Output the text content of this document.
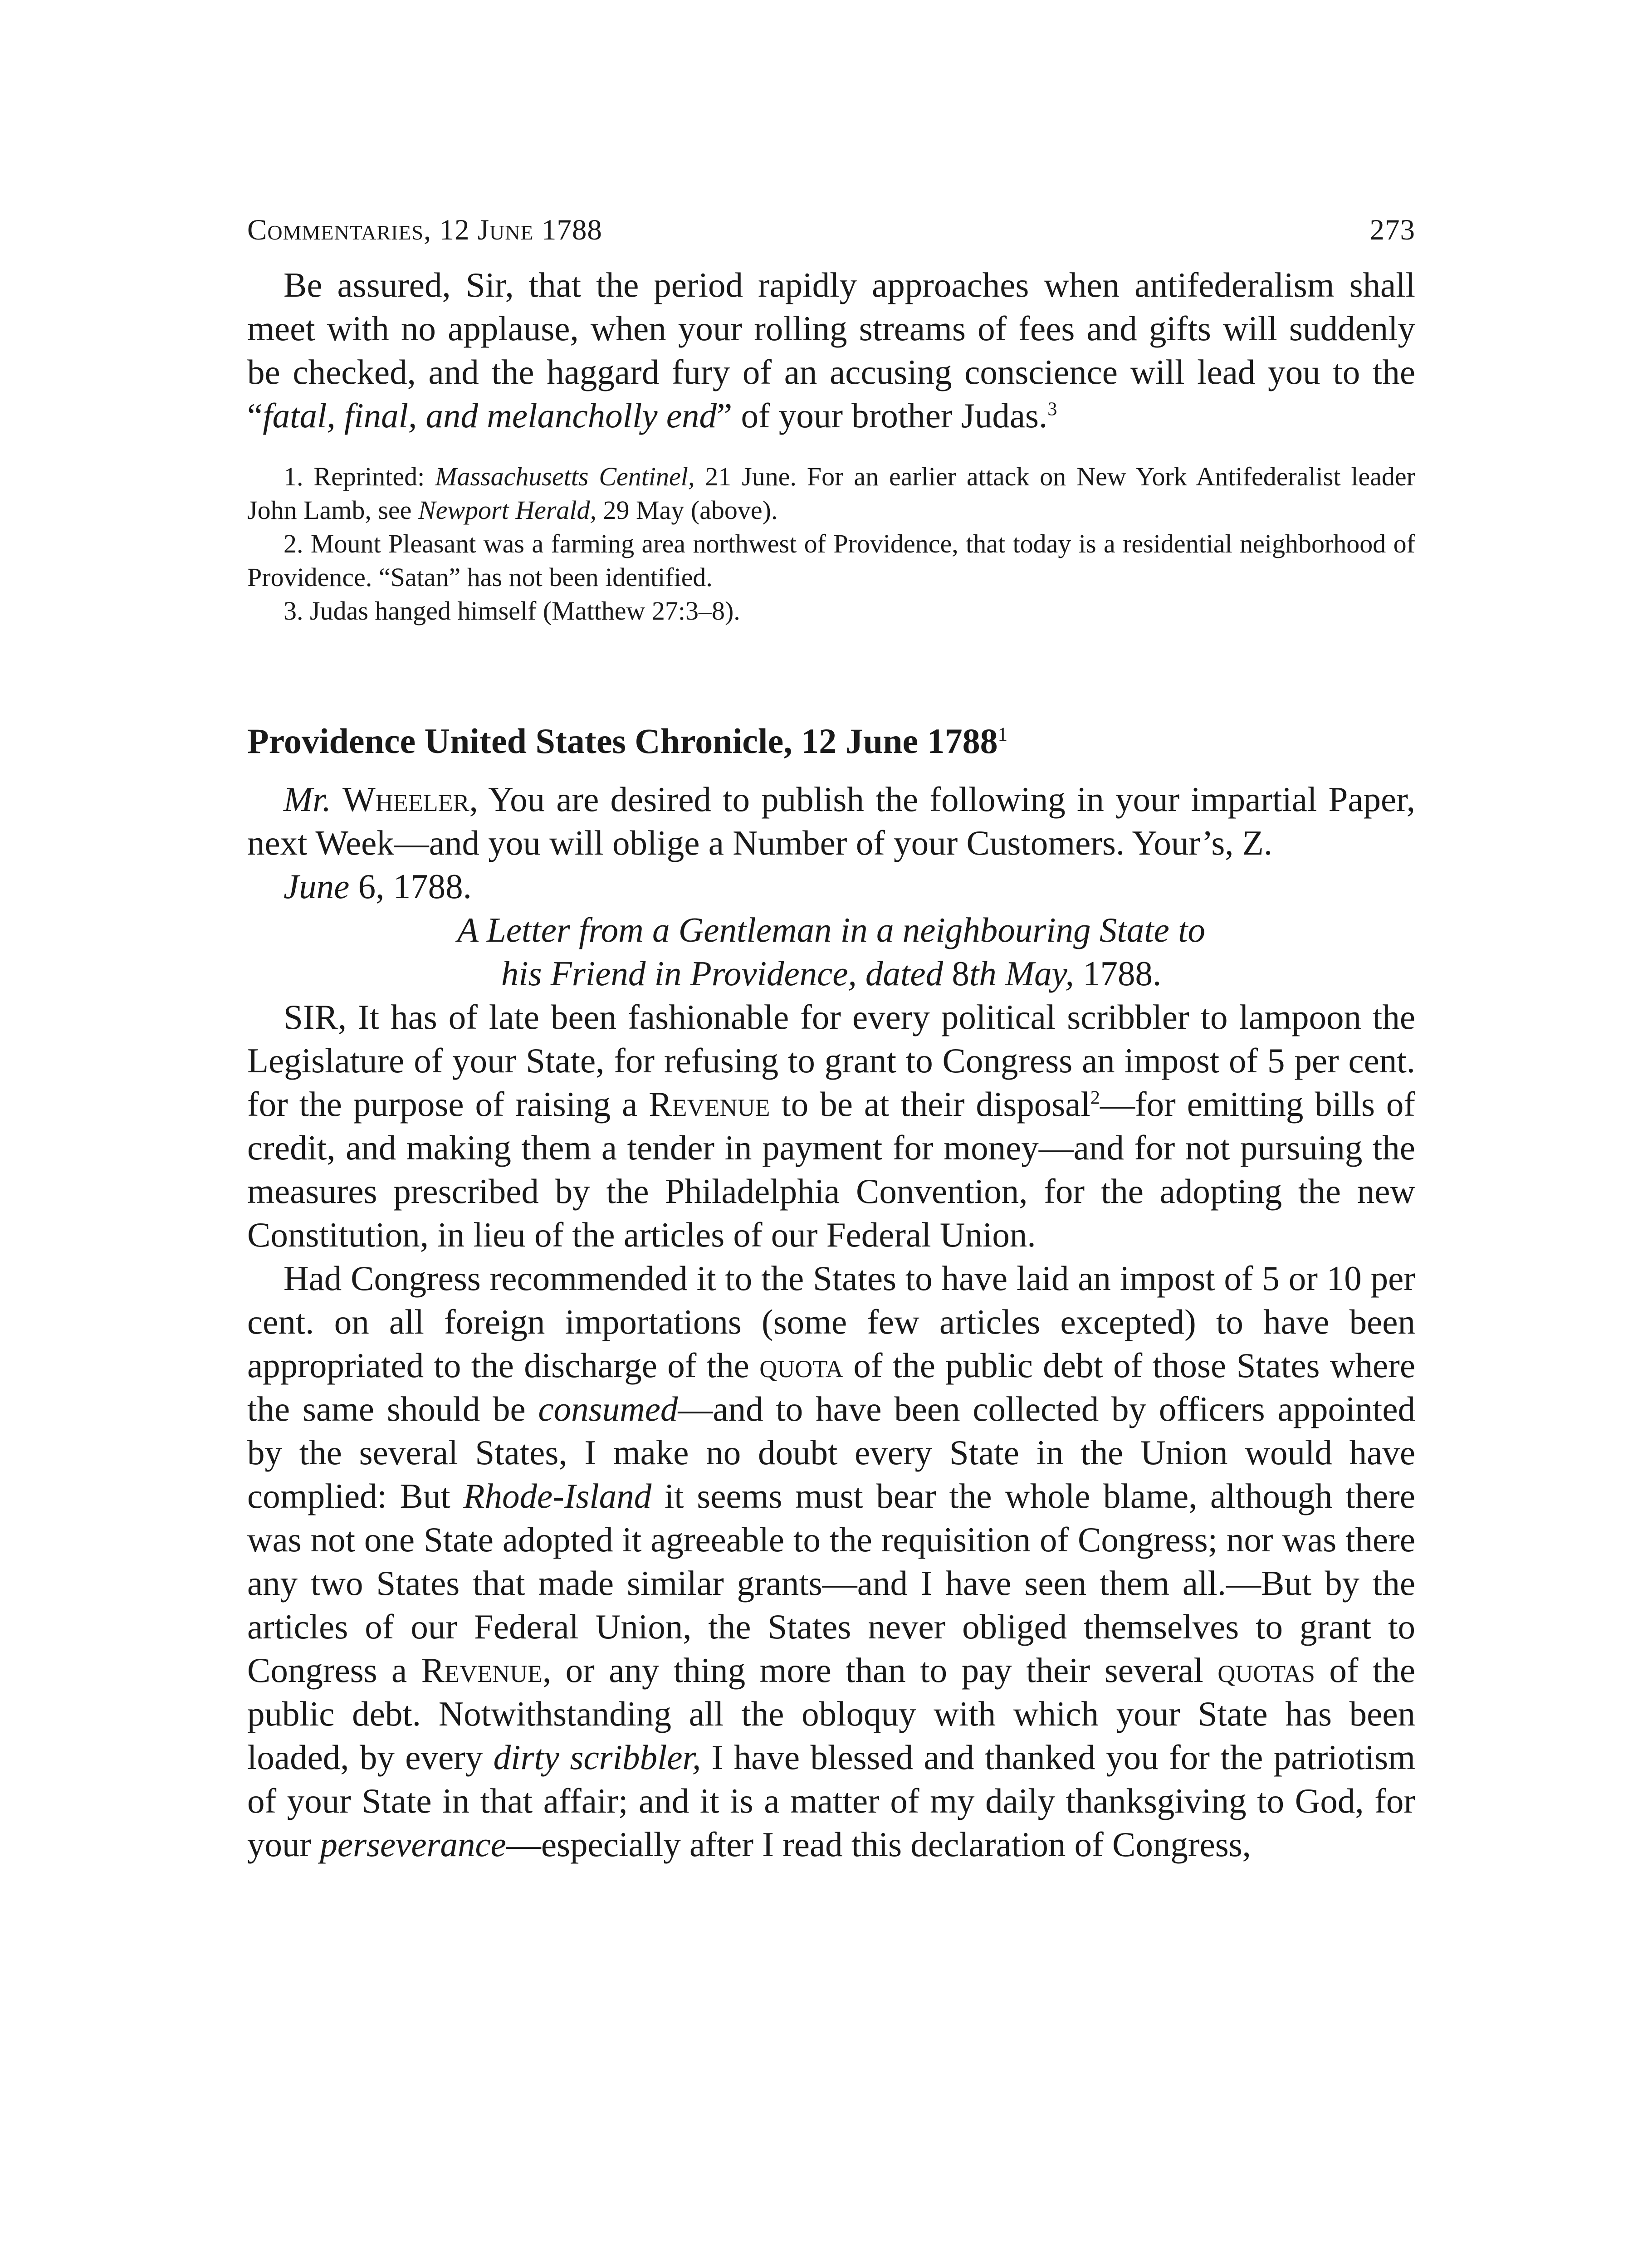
Commentaries, 12 June 1788	273

Be assured, Sir, that the period rapidly approaches when antifederalism shall meet with no applause, when your rolling streams of fees and gifts will suddenly be checked, and the haggard fury of an accusing conscience will lead you to the “fatal, final, and melancholly end” of your brother Judas.$^3$

1. Reprinted: Massachusetts Centinel, 21 June. For an earlier attack on New York Antifederalist leader John Lamb, see Newport Herald, 29 May (above).

2. Mount Pleasant was a farming area northwest of Providence, that today is a residential neighborhood of Providence. “Satan” has not been identified.

3. Judas hanged himself (Matthew 27:3–8).

Providence United States Chronicle, 12 June 1788$^1$

Mr. Wheeler, You are desired to publish the following in your impartial Paper, next Week—and you will oblige a Number of your Customers. Your’s, Z.

June 6, 1788.

A Letter from a Gentleman in a neighbouring State to
his Friend in Providence, dated 8th May, 1788.

SIR, It has of late been fashionable for every political scribbler to lampoon the Legislature of your State, for refusing to grant to Congress an impost of 5 per cent. for the purpose of raising a Revenue to be at their disposal$^2$—for emitting bills of credit, and making them a tender in payment for money—and for not pursuing the measures prescribed by the Philadelphia Convention, for the adopting the new Constitution, in lieu of the articles of our Federal Union.

Had Congress recommended it to the States to have laid an impost of 5 or 10 per cent. on all foreign importations (some few articles excepted) to have been appropriated to the discharge of the quota of the public debt of those States where the same should be consumed—and to have been collected by officers appointed by the several States, I make no doubt every State in the Union would have complied: But Rhode-Island it seems must bear the whole blame, although there was not one State adopted it agreeable to the requisition of Congress; nor was there any two States that made similar grants—and I have seen them all.—But by the articles of our Federal Union, the States never obliged themselves to grant to Congress a Revenue, or any thing more than to pay their several quotas of the public debt. Notwithstanding all the obloquy with which your State has been loaded, by every dirty scribbler, I have blessed and thanked you for the patriotism of your State in that affair; and it is a matter of my daily thanksgiving to God, for your perseverance—especially after I read this declaration of Congress,
